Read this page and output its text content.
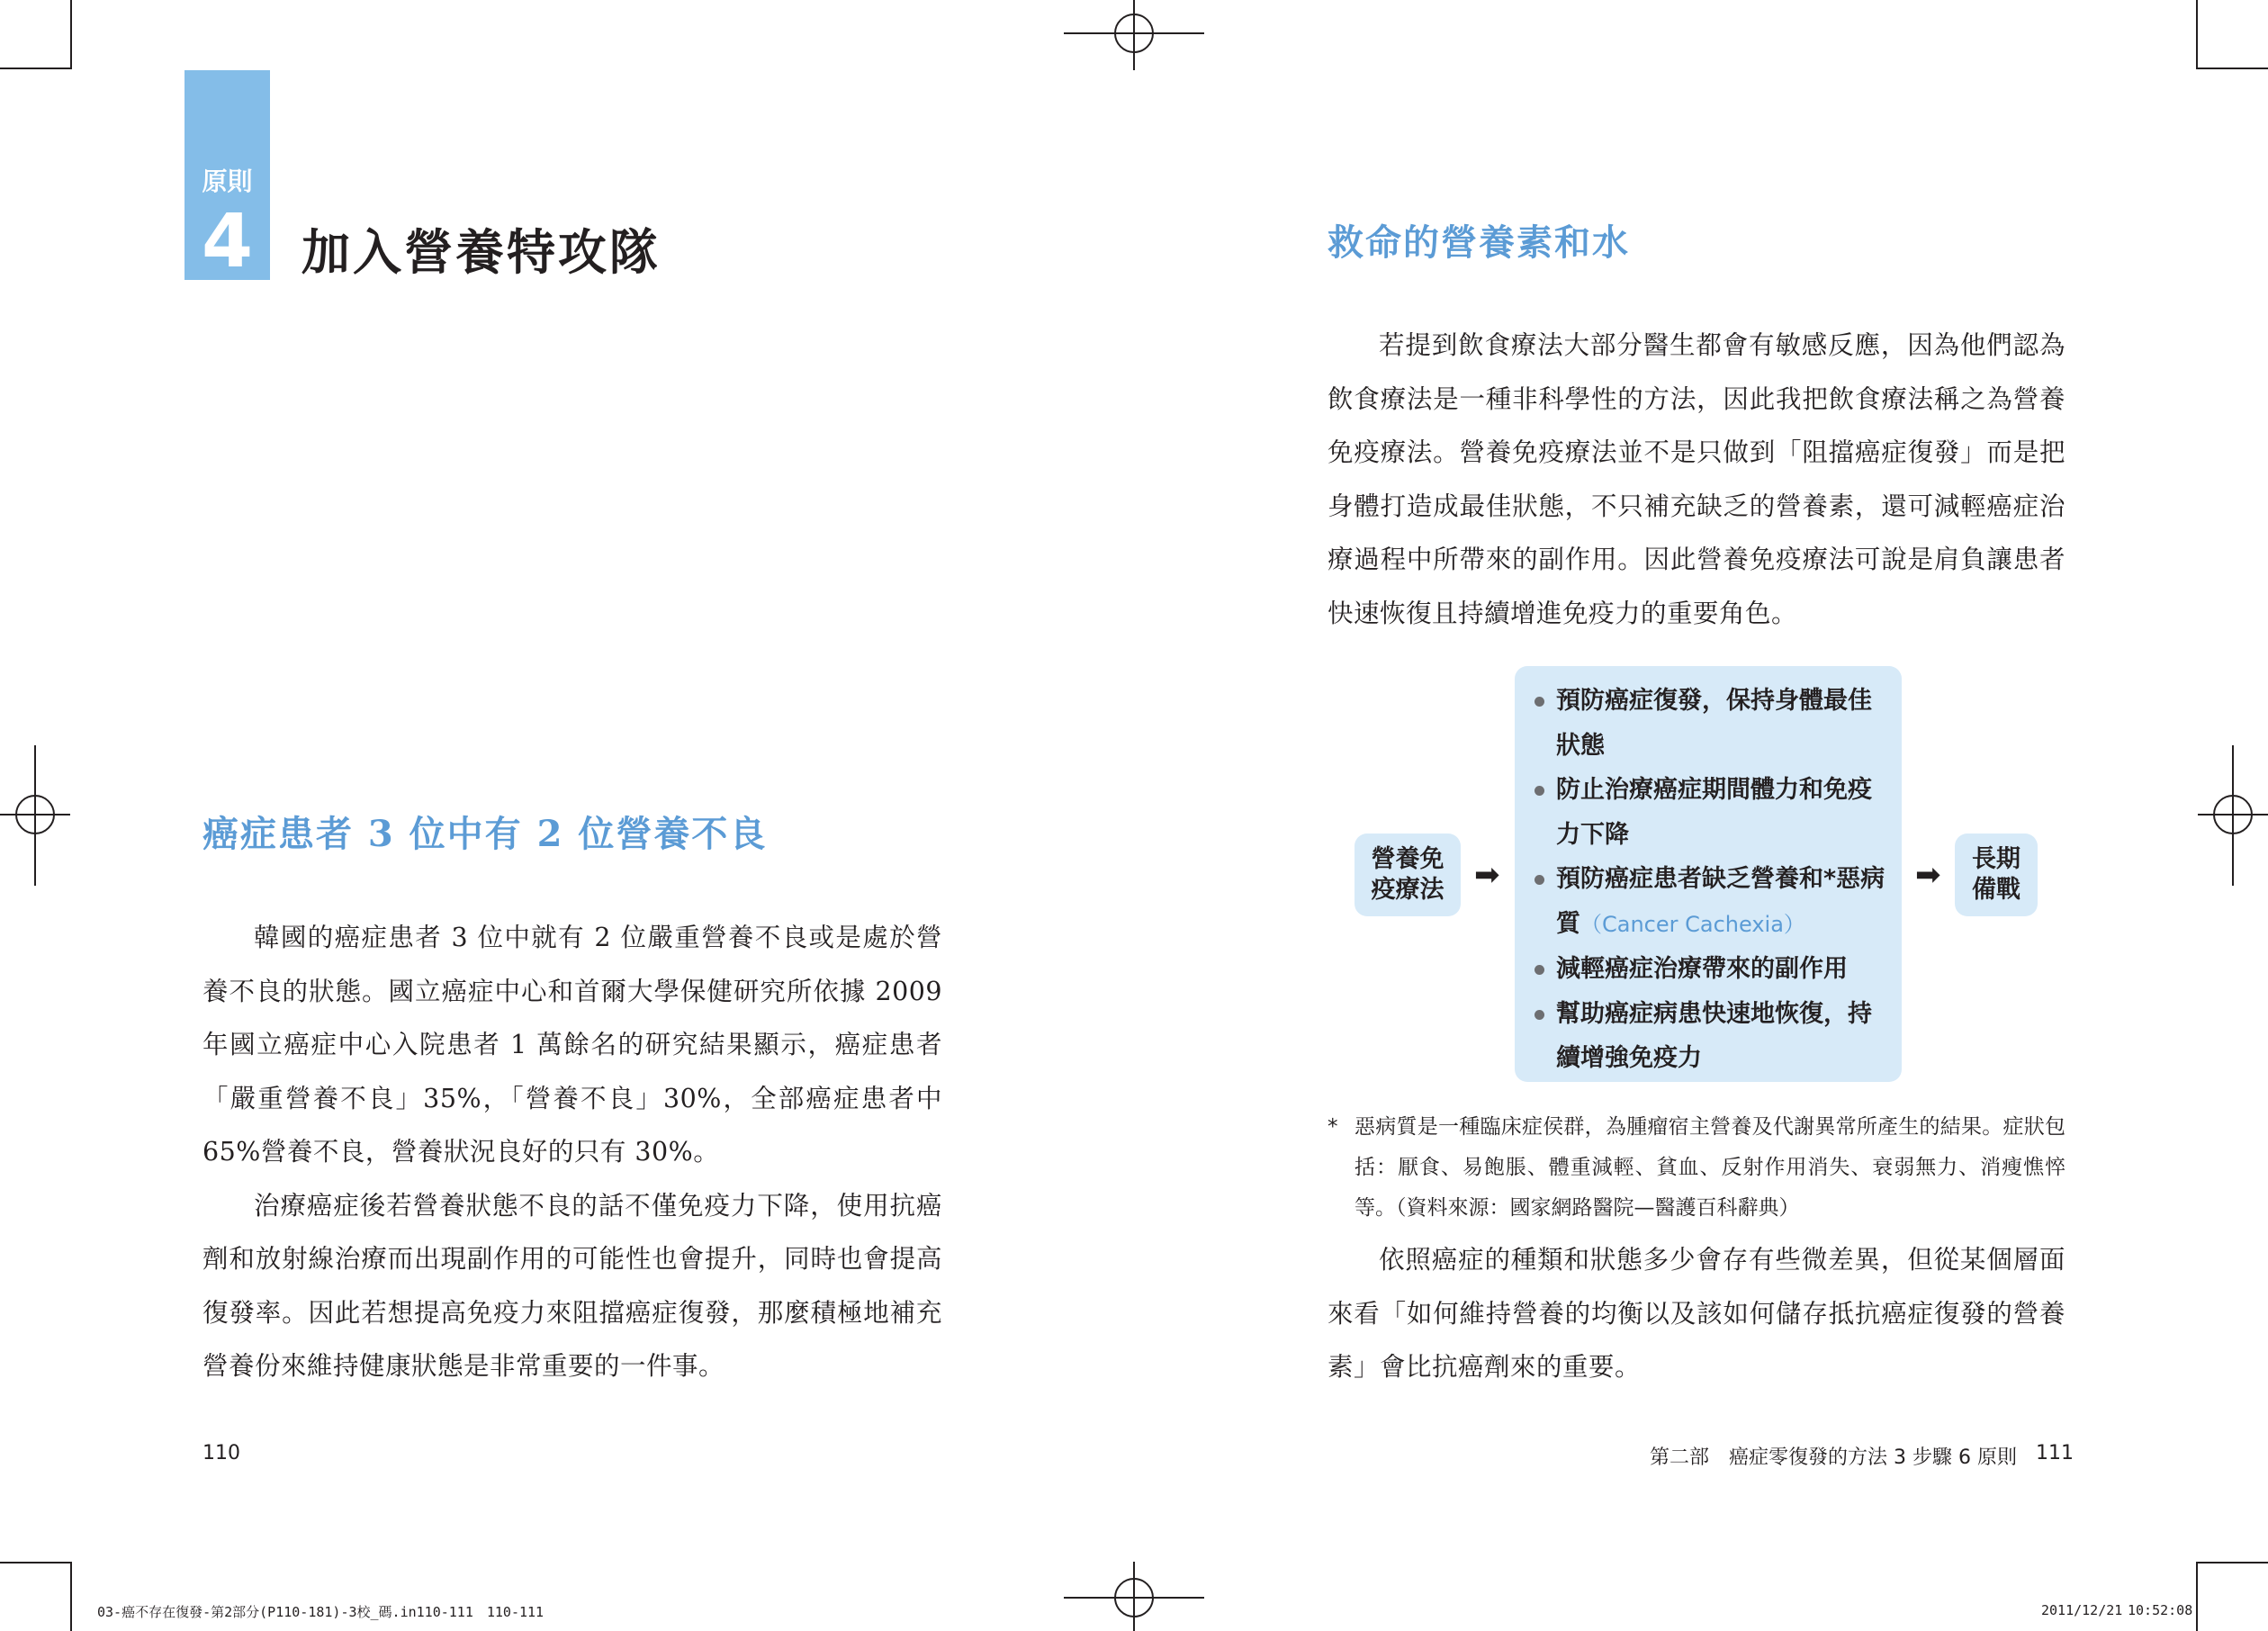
原則
4 加入營養特攻隊
癌症患者 3 位中有 2 位營養不良

韓國的癌症患者 3 位中就有 2 位嚴重營養不良或是處於營養不良的狀態。國立癌症中心和首爾大學保健研究所依據 2009 年國立癌症中心入院患者 1 萬餘名的研究結果顯示，癌症患者「嚴重營養不良」35%，「營養不良」30%，全部癌症患者中 65%營養不良，營養狀況良好的只有 30%。

治療癌症後若營養狀態不良的話不僅免疫力下降，使用抗癌劑和放射線治療而出現副作用的可能性也會提升，同時也會提高復發率。因此若想提高免疫力來阻擋癌症復發，那麼積極地補充營養份來維持健康狀態是非常重要的一件事。

110
救命的營養素和水

若提到飲食療法大部分醫生都會有敏感反應，因為他們認為飲食療法是一種非科學性的方法，因此我把飲食療法稱之為營養免疫療法。營養免疫療法並不是只做到「阻擋癌症復發」而是把身體打造成最佳狀態，不只補充缺乏的營養素，還可減輕癌症治療過程中所帶來的副作用。因此營養免疫療法可說是肩負讓患者快速恢復且持續增進免疫力的重要角色。

營養免疫療法 ➡
預防癌症復發，保持身體最佳狀態
防止治療癌症期間體力和免疫力下降
預防癌症患者缺乏營養和*惡病質（Cancer Cachexia）
減輕癌症治療帶來的副作用
幫助癌症病患快速地恢復，持續增強免疫力
➡ 長期備戰
* 惡病質是一種臨床症侯群，為腫瘤宿主營養及代謝異常所產生的結果。症狀包括：厭食、易飽脹、體重減輕、貧血、反射作用消失、衰弱無力、消瘦憔悴等。（資料來源：國家網路醫院—醫護百科辭典）

依照癌症的種類和狀態多少會存有些微差異，但從某個層面來看「如何維持營養的均衡以及該如何儲存抵抗癌症復發的營養素」會比抗癌劑來的重要。

第二部　癌症零復發的方法 3 步驟 6 原則 111
03-癌不存在復發-第2部分(P110-181)-3校_碼.in110-111　110-111	2011/12/21 10:52:08
